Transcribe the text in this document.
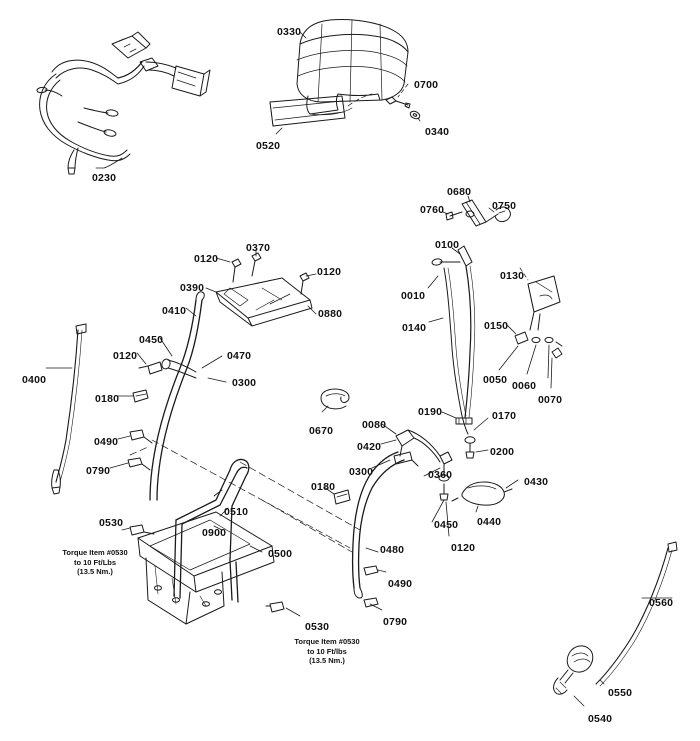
0230
0330
0700
0340
0520
0680
0760	0750
0100
0130
0010
0140	0150
0050 0060
0070
0190	0170
0200
0120
0370
0120
0390
0880
0410
0450
0120	0470
0300
0400
0180
0670	0080
0420
0490
0790	0300	0360
0430
0180
0440
0450
0120
0510
0530
0900
0500	0480
0490
0790
0530
0560
0550
0540
Torque Item #0530
to 10 Ft/Lbs
(13.5 Nm.)
Torque Item #0530
to 10 Ft/lbs
(13.5 Nm.)
